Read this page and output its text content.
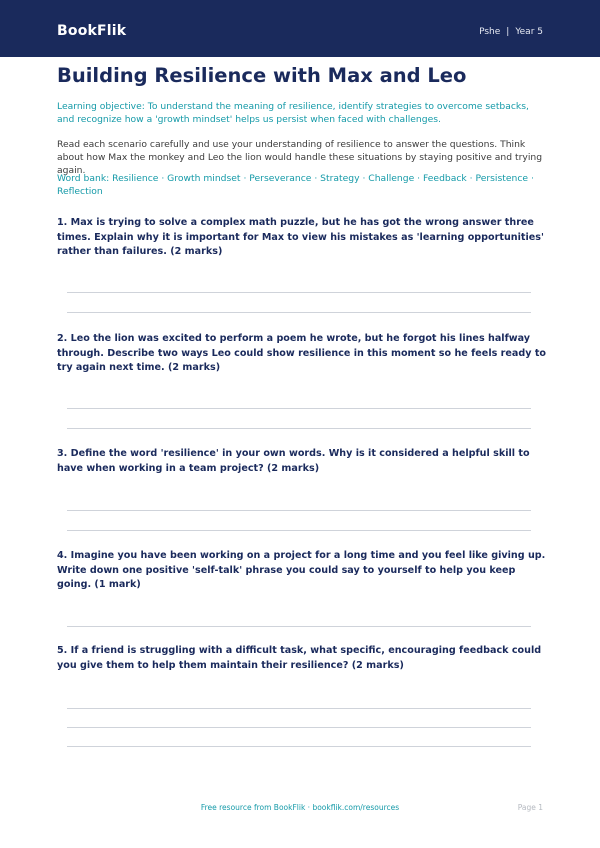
BookFlik	Pshe | Year 5
Building Resilience with Max and Leo

Learning objective: To understand the meaning of resilience, identify strategies to overcome setbacks, and recognize how a 'growth mindset' helps us persist when faced with challenges.

Read each scenario carefully and use your understanding of resilience to answer the questions. Think about how Max the monkey and Leo the lion would handle these situations by staying positive and trying again.

Word bank: Resilience · Growth mindset · Perseverance · Strategy · Challenge · Feedback · Persistence · Reflection

1. Max is trying to solve a complex math puzzle, but he has got the wrong answer three times. Explain why it is important for Max to view his mistakes as 'learning opportunities' rather than failures. (2 marks)

2. Leo the lion was excited to perform a poem he wrote, but he forgot his lines halfway through. Describe two ways Leo could show resilience in this moment so he feels ready to try again next time. (2 marks)

3. Define the word 'resilience' in your own words. Why is it considered a helpful skill to have when working in a team project? (2 marks)

4. Imagine you have been working on a project for a long time and you feel like giving up. Write down one positive 'self-talk' phrase you could say to yourself to help you keep going. (1 mark)

5. If a friend is struggling with a difficult task, what specific, encouraging feedback could you give them to help them maintain their resilience? (2 marks)

Free resource from BookFlik · bookflik.com/resources	Page 1
